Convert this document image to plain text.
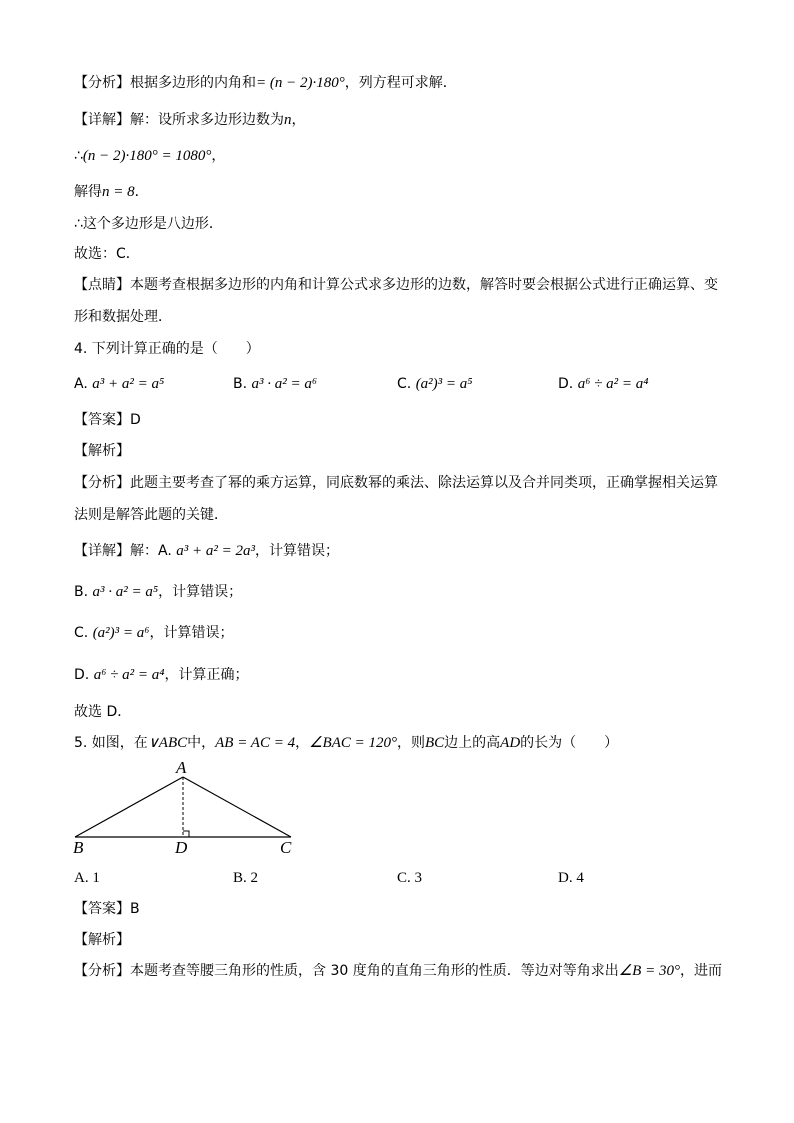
【分析】根据多边形的内角和= (n − 2)·180°，列方程可求解．
【详解】解：设所求多边形边数为n，
∴(n − 2)·180° = 1080°，
解得n = 8．
∴这个多边形是八边形．
故选：C．
【点睛】本题考查根据多边形的内角和计算公式求多边形的边数，解答时要会根据公式进行正确运算、变
形和数据处理．
4. 下列计算正确的是（　　）
A. a³ + a² = a⁵	B. a³ · a² = a⁶	C. (a²)³ = a⁵	D. a⁶ ÷ a² = a⁴
【答案】D
【解析】
【分析】此题主要考查了幂的乘方运算，同底数幂的乘法、除法运算以及合并同类项，正确掌握相关运算
法则是解答此题的关键．
【详解】解：A. a³ + a² = 2a³，计算错误；
B. a³ · a² = a⁵，计算错误；
C. (a²)³ = a⁶，计算错误；
D. a⁶ ÷ a² = a⁴，计算正确；
故选 D．
5. 如图，在∨ABC中，AB = AC = 4，∠BAC = 120°，则BC边上的高AD的长为（　　）
A
B	D	C
A. 1	B. 2	C. 3	D. 4
【答案】B
【解析】
【分析】本题考查等腰三角形的性质，含 30 度角的直角三角形的性质．等边对等角求出∠B = 30°，进而
